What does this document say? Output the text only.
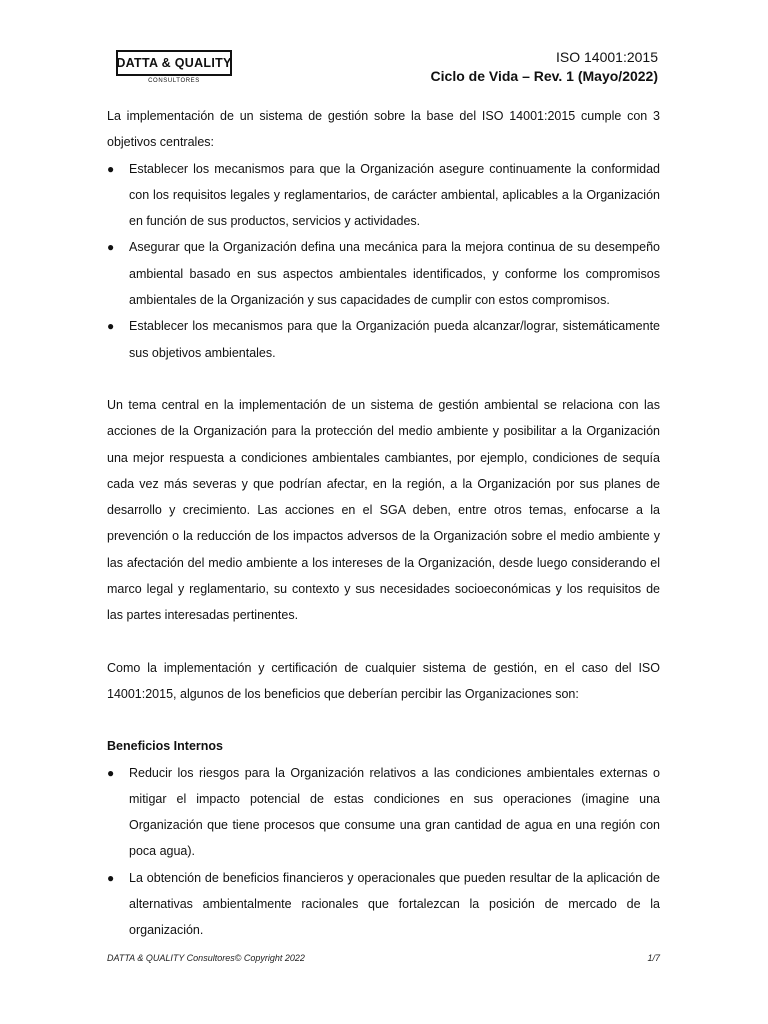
DATTA & QUALITY
CONSULTORES
ISO 14001:2015
Ciclo de Vida – Rev. 1 (Mayo/2022)

La implementación de un sistema de gestión sobre la base del ISO 14001:2015 cumple con 3 objetivos centrales:

● Establecer los mecanismos para que la Organización asegure continuamente la conformidad con los requisitos legales y reglamentarios, de carácter ambiental, aplicables a la Organización en función de sus productos, servicios y actividades.
● Asegurar que la Organización defina una mecánica para la mejora continua de su desempeño ambiental basado en sus aspectos ambientales identificados, y conforme los compromisos ambientales de la Organización y sus capacidades de cumplir con estos compromisos.
● Establecer los mecanismos para que la Organización pueda alcanzar/lograr, sistemáticamente sus objetivos ambientales.

Un tema central en la implementación de un sistema de gestión ambiental se relaciona con las acciones de la Organización para la protección del medio ambiente y posibilitar a la Organización una mejor respuesta a condiciones ambientales cambiantes, por ejemplo, condiciones de sequía cada vez más severas y que podrían afectar, en la región, a la Organización por sus planes de desarrollo y crecimiento. Las acciones en el SGA deben, entre otros temas, enfocarse a la prevención o la reducción de los impactos adversos de la Organización sobre el medio ambiente y las afectación del medio ambiente a los intereses de la Organización, desde luego considerando el marco legal y reglamentario, su contexto y sus necesidades socioeconómicas y los requisitos de las partes interesadas pertinentes.

Como la implementación y certificación de cualquier sistema de gestión, en el caso del ISO 14001:2015, algunos de los beneficios que deberían percibir las Organizaciones son:

Beneficios Internos

● Reducir los riesgos para la Organización relativos a las condiciones ambientales externas o mitigar el impacto potencial de estas condiciones en sus operaciones (imagine una Organización que tiene procesos que consume una gran cantidad de agua en una región con poca agua).
● La obtención de beneficios financieros y operacionales que pueden resultar de la aplicación de alternativas ambientalmente racionales que fortalezcan la posición de mercado de la organización.
DATTA & QUALITY Consultores© Copyright 2022	1/7
